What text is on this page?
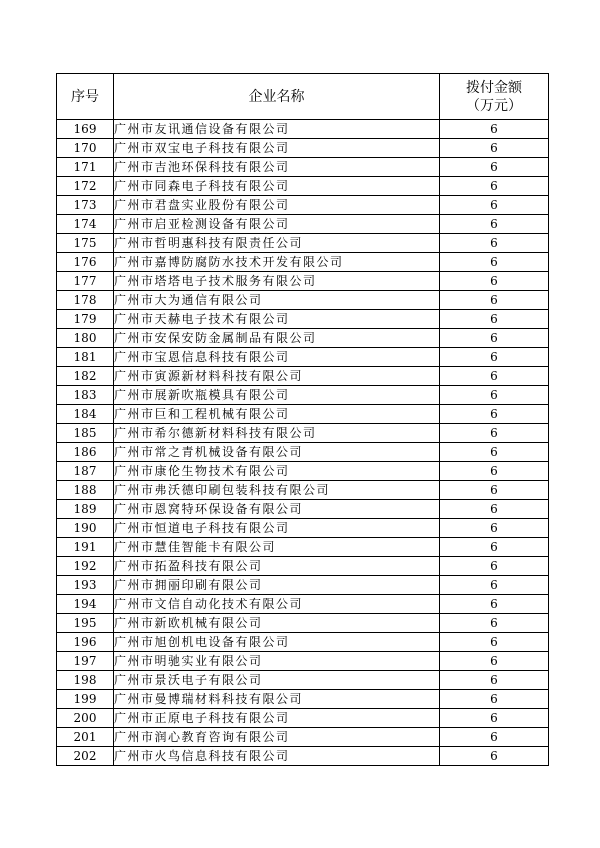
序号	企业名称	拨付金额
（万元）

169	广州市友讯通信设备有限公司	6
170	广州市双宝电子科技有限公司	6
171	广州市吉池环保科技有限公司	6
172	广州市同森电子科技有限公司	6
173	广州市君盘实业股份有限公司	6
174	广州市启亚检测设备有限公司	6
175	广州市哲明惠科技有限责任公司	6
176	广州市嘉博防腐防水技术开发有限公司	6
177	广州市塔塔电子技术服务有限公司	6
178	广州市大为通信有限公司	6
179	广州市天赫电子技术有限公司	6
180	广州市安保安防金属制品有限公司	6
181	广州市宝恩信息科技有限公司	6
182	广州市寅源新材料科技有限公司	6
183	广州市展新吹瓶模具有限公司	6
184	广州市巨和工程机械有限公司	6
185	广州市希尔德新材料科技有限公司	6
186	广州市常之青机械设备有限公司	6
187	广州市康伦生物技术有限公司	6
188	广州市弗沃德印刷包装科技有限公司	6
189	广州市恩窝特环保设备有限公司	6
190	广州市恒道电子科技有限公司	6
191	广州市慧佳智能卡有限公司	6
192	广州市拓盈科技有限公司	6
193	广州市拥丽印刷有限公司	6
194	广州市文信自动化技术有限公司	6
195	广州市新欧机械有限公司	6
196	广州市旭创机电设备有限公司	6
197	广州市明驰实业有限公司	6
198	广州市景沃电子有限公司	6
199	广州市曼博瑞材料科技有限公司	6
200	广州市正原电子科技有限公司	6
201	广州市润心教育咨询有限公司	6
202	广州市火鸟信息科技有限公司	6
